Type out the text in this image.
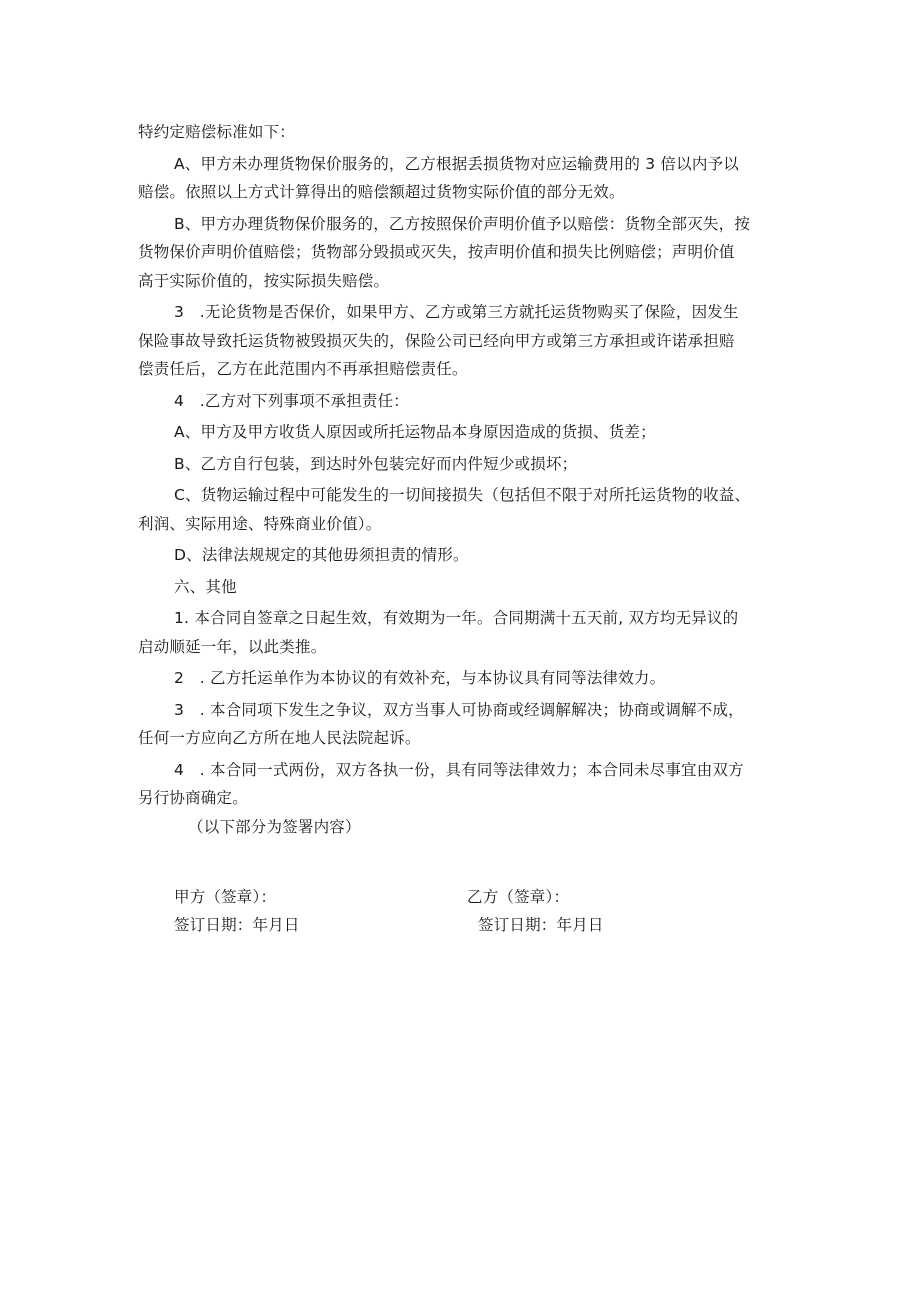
特约定赔偿标准如下：

A、甲方未办理货物保价服务的，乙方根据丢损货物对应运输费用的 3 倍以内予以

赔偿。依照以上方式计算得出的赔偿额超过货物实际价值的部分无效。

B、甲方办理货物保价服务的，乙方按照保价声明价值予以赔偿：货物全部灭失，按

货物保价声明价值赔偿；货物部分毁损或灭失，按声明价值和损失比例赔偿；声明价值

高于实际价值的，按实际损失赔偿。

3　.无论货物是否保价，如果甲方、乙方或第三方就托运货物购买了保险，因发生

保险事故导致托运货物被毁损灭失的，保险公司已经向甲方或第三方承担或许诺承担赔

偿责任后，乙方在此范围内不再承担赔偿责任。

4　.乙方对下列事项不承担责任：

A、甲方及甲方收货人原因或所托运物品本身原因造成的货损、货差；

B、乙方自行包装，到达时外包装完好而内件短少或损坏；

C、货物运输过程中可能发生的一切间接损失（包括但不限于对所托运货物的收益、

利润、实际用途、特殊商业价值）。

D、法律法规规定的其他毋须担责的情形。

六、其他

1. 本合同自签章之日起生效，有效期为一年。合同期满十五天前, 双方均无异议的

启动顺延一年，以此类推。

2　. 乙方托运单作为本协议的有效补充，与本协议具有同等法律效力。

3　. 本合同项下发生之争议，双方当事人可协商或经调解解决；协商或调解不成，

任何一方应向乙方所在地人民法院起诉。

4　. 本合同一式两份，双方各执一份，具有同等法律效力；本合同未尽事宜由双方

另行协商确定。

（以下部分为签署内容）

甲方（签章）：
签订日期：年月日
乙方（签章）：
签订日期：年月日
